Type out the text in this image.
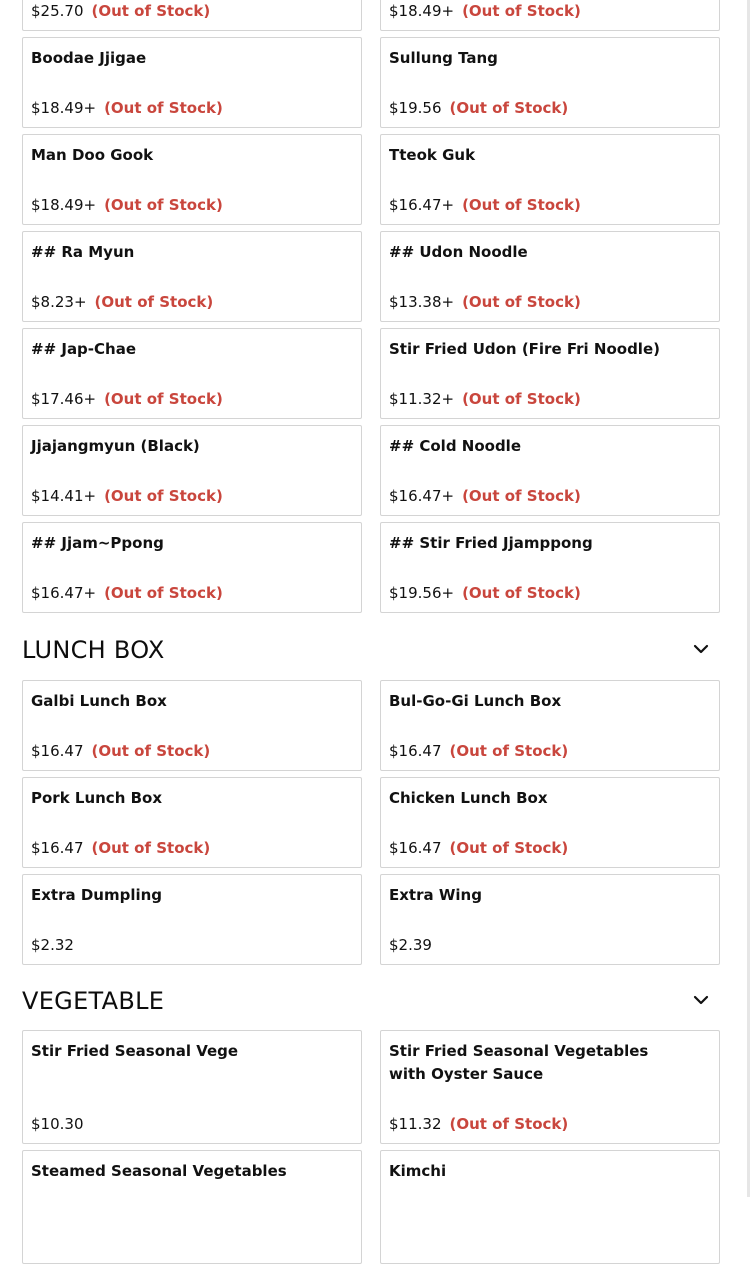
$25.70 (Out of Stock)	$18.49+ (Out of Stock)
Boodae Jjigae
$18.49+ (Out of Stock)
Sullung Tang
$19.56 (Out of Stock)
Man Doo Gook
$18.49+ (Out of Stock)
Tteok Guk
$16.47+ (Out of Stock)
## Ra Myun
$8.23+ (Out of Stock)
## Udon Noodle
$13.38+ (Out of Stock)
## Jap-Chae
$17.46+ (Out of Stock)
Stir Fried Udon (Fire Fri Noodle)
$11.32+ (Out of Stock)
Jjajangmyun (Black)
$14.41+ (Out of Stock)
## Cold Noodle
$16.47+ (Out of Stock)
## Jjam~Ppong
$16.47+ (Out of Stock)
## Stir Fried Jjamppong
$19.56+ (Out of Stock)
LUNCH BOX
Galbi Lunch Box
$16.47 (Out of Stock)
Bul-Go-Gi Lunch Box
$16.47 (Out of Stock)
Pork Lunch Box
$16.47 (Out of Stock)
Chicken Lunch Box
$16.47 (Out of Stock)
Extra Dumpling
$2.32
Extra Wing
$2.39
VEGETABLE
Stir Fried Seasonal Vege
$10.30
Stir Fried Seasonal Vegetables with Oyster Sauce
$11.32 (Out of Stock)
Steamed Seasonal Vegetables	Kimchi
